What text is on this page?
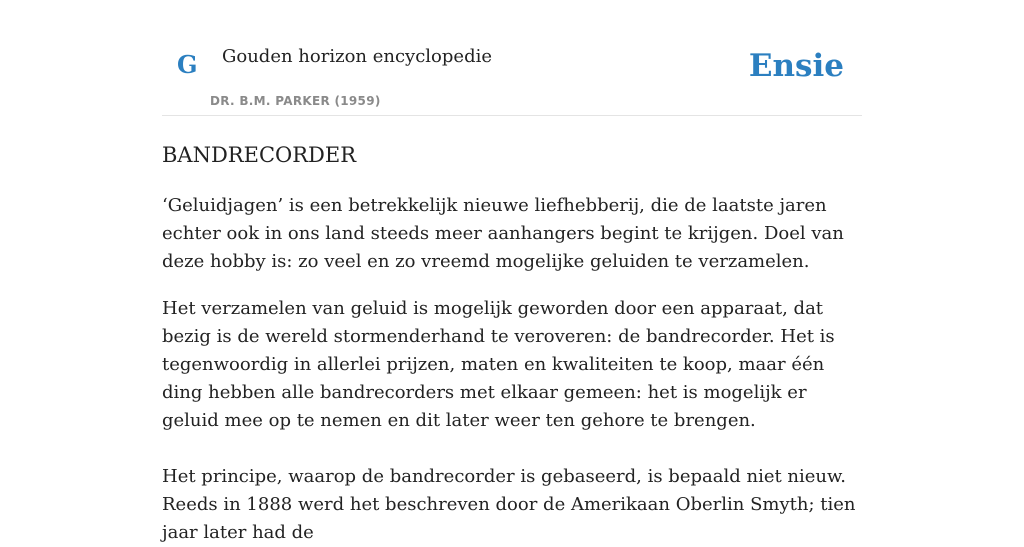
G Gouden horizon encyclopedie
DR. B.M. PARKER (1959)
Ensie
BANDRECORDER

‘Geluidjagen’ is een betrekkelijk nieuwe liefhebberij, die de laatste jaren echter ook in ons land steeds meer aanhangers begint te krijgen. Doel van deze hobby is: zo veel en zo vreemd mogelijke geluiden te verzamelen.

Het verzamelen van geluid is mogelijk geworden door een apparaat, dat bezig is de wereld stormenderhand te veroveren: de bandrecorder. Het is tegenwoordig in allerlei prijzen, maten en kwaliteiten te koop, maar één ding hebben alle bandrecorders met elkaar gemeen: het is mogelijk er geluid mee op te nemen en dit later weer ten gehore te brengen.

Het principe, waarop de bandrecorder is gebaseerd, is bepaald niet nieuw. Reeds in 1888 werd het beschreven door de Amerikaan Oberlin Smyth; tien jaar later had de
